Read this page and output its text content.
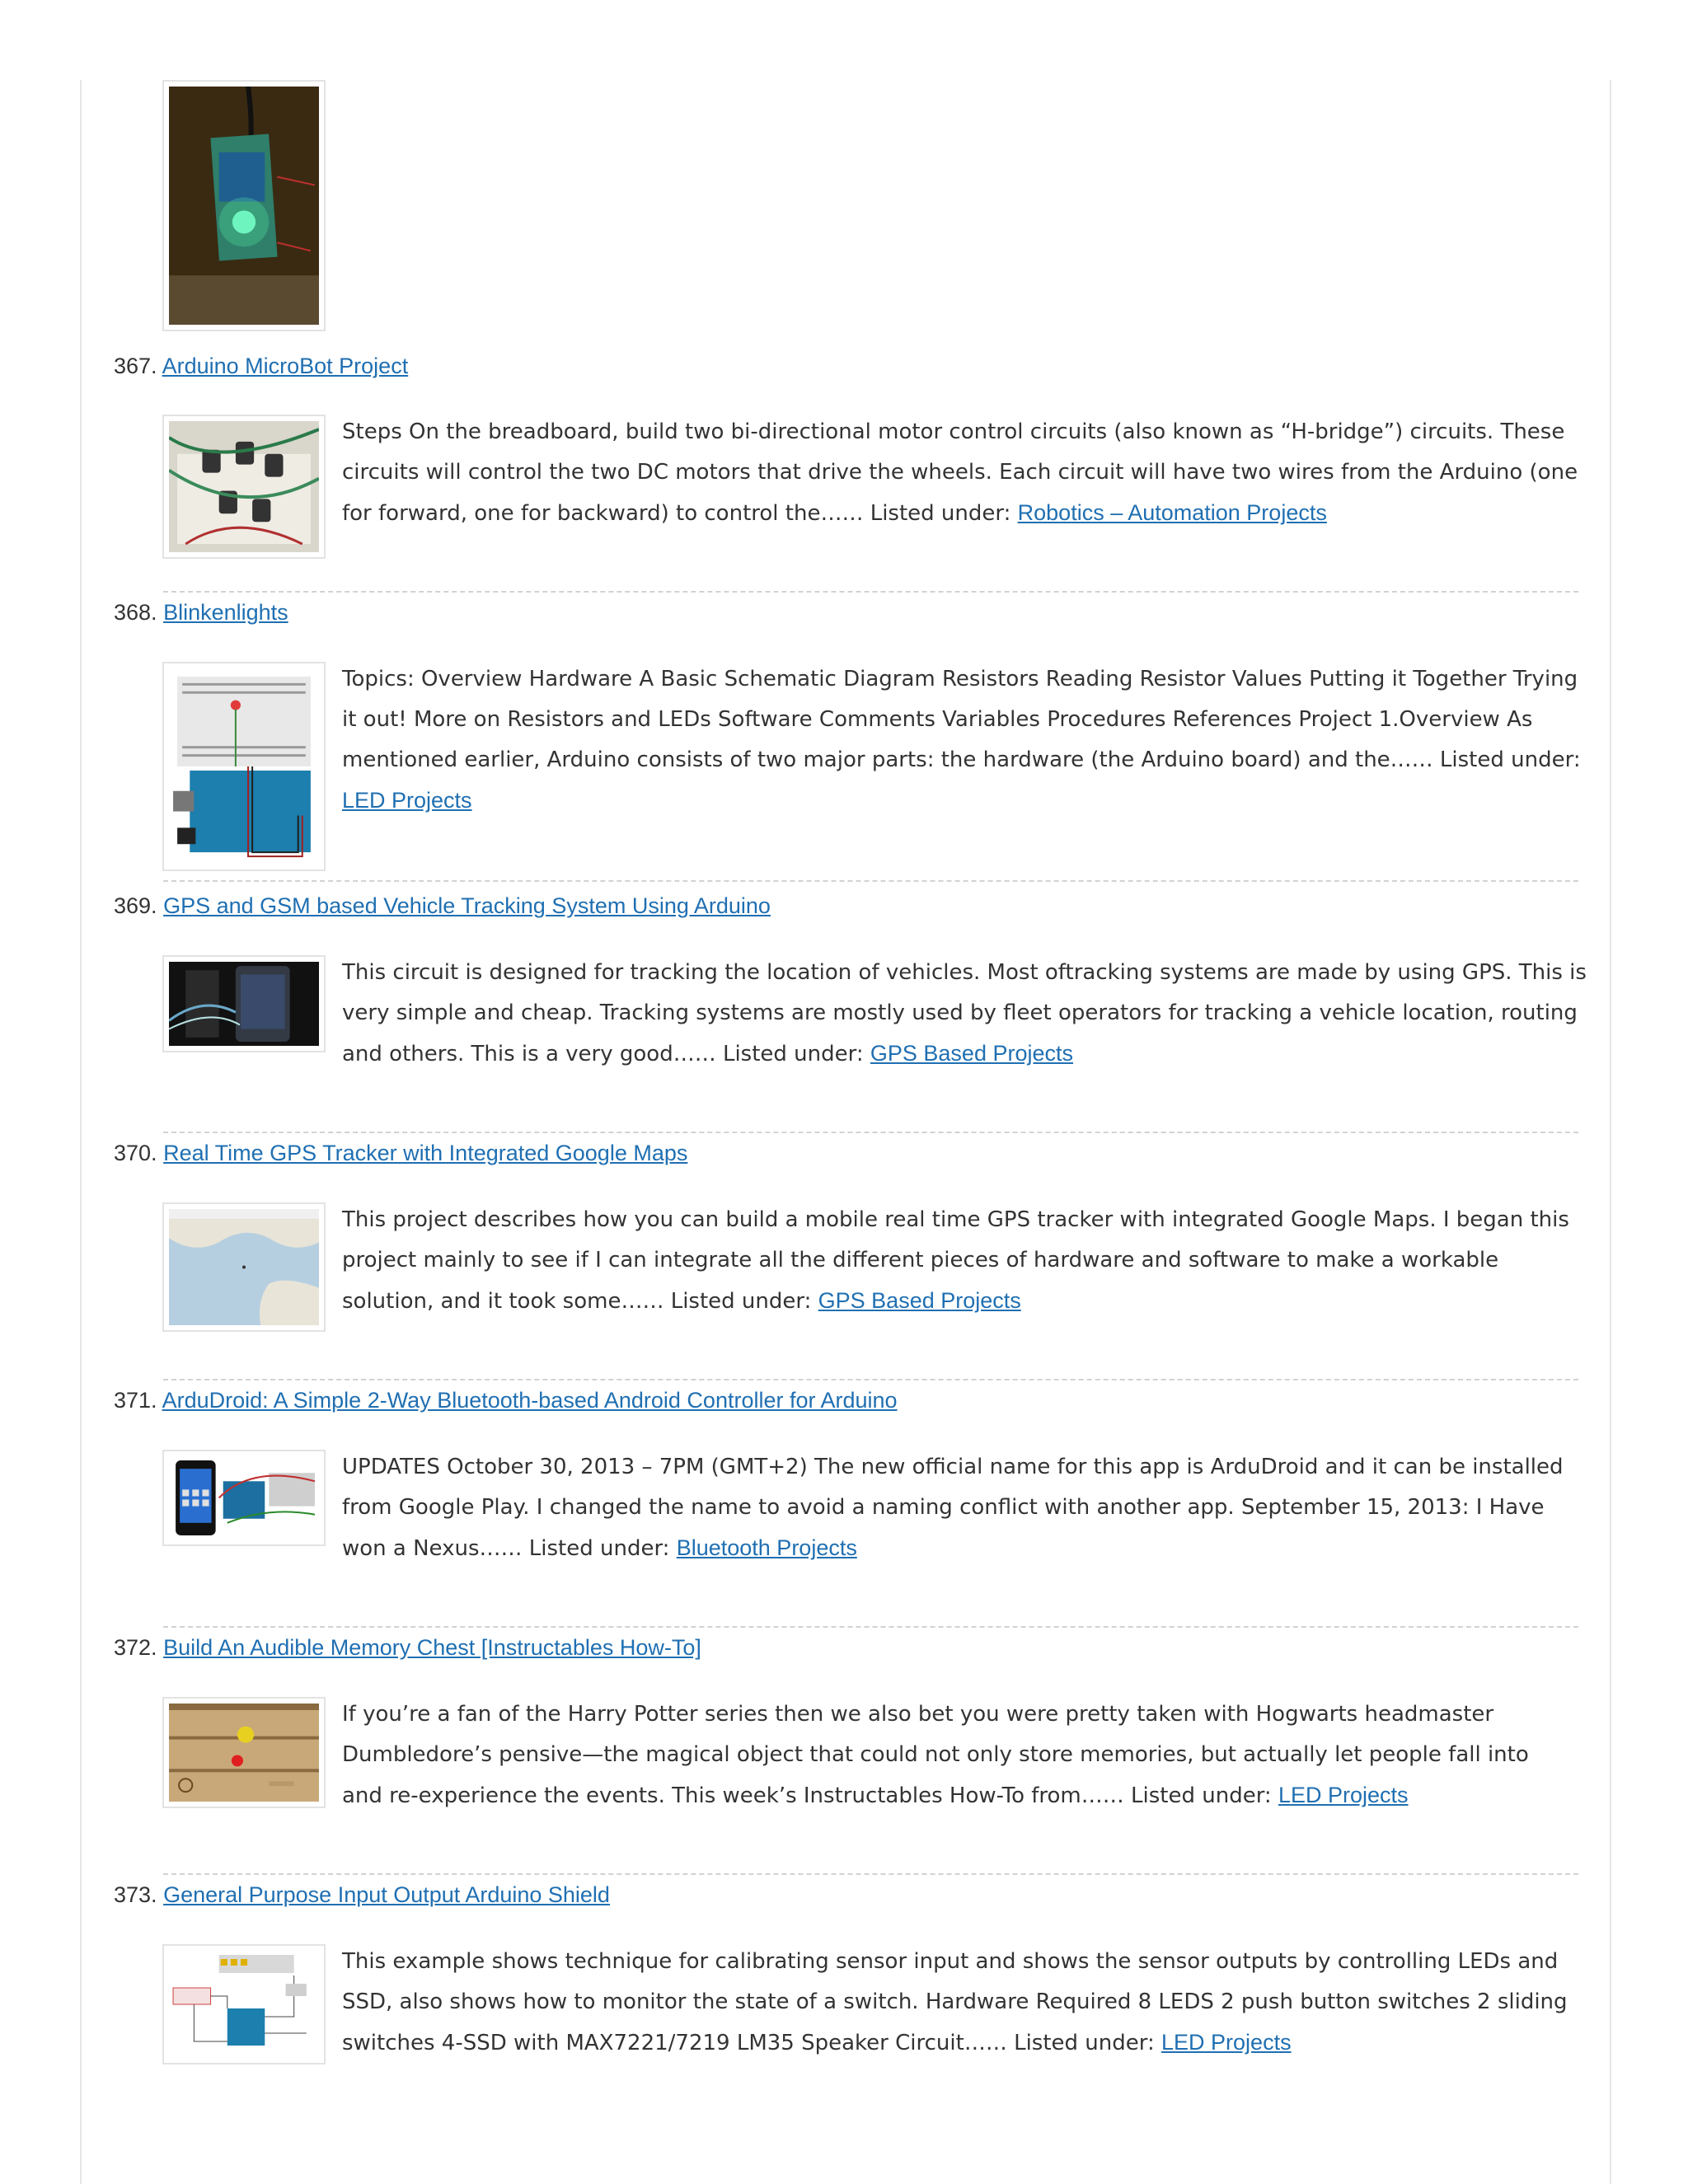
367. Arduino MicroBot Project
Steps On the breadboard, build two bi-directional motor control circuits (also known as “H-bridge”) circuits. These circuits will control the two DC motors that drive the wheels. Each circuit will have two wires from the Arduino (one for forward, one for backward) to control the…… Listed under: Robotics – Automation Projects
368. Blinkenlights
Topics: Overview Hardware A Basic Schematic Diagram Resistors Reading Resistor Values Putting it Together Trying it out! More on Resistors and LEDs Software Comments Variables Procedures References Project 1.Overview As mentioned earlier, Arduino consists of two major parts: the hardware (the Arduino board) and the…… Listed under: LED Projects
369. GPS and GSM based Vehicle Tracking System Using Arduino
This circuit is designed for tracking the location of vehicles. Most oftracking systems are made by using GPS. This is very simple and cheap. Tracking systems are mostly used by fleet operators for tracking a vehicle location, routing and others. This is a very good…… Listed under: GPS Based Projects
370. Real Time GPS Tracker with Integrated Google Maps
This project describes how you can build a mobile real time GPS tracker with integrated Google Maps. I began this project mainly to see if I can integrate all the different pieces of hardware and software to make a workable solution, and it took some…… Listed under: GPS Based Projects
371. ArduDroid: A Simple 2-Way Bluetooth-based Android Controller for Arduino
UPDATES October 30, 2013 – 7PM (GMT+2) The new official name for this app is ArduDroid and it can be installed from Google Play. I changed the name to avoid a naming conflict with another app. September 15, 2013: I Have won a Nexus…… Listed under: Bluetooth Projects
372. Build An Audible Memory Chest [Instructables How-To]
If you’re a fan of the Harry Potter series then we also bet you were pretty taken with Hogwarts headmaster Dumbledore’s pensive—the magical object that could not only store memories, but actually let people fall into and re-experience the events. This week’s Instructables How-To from…… Listed under: LED Projects
373. General Purpose Input Output Arduino Shield
This example shows technique for calibrating sensor input and shows the sensor outputs by controlling LEDs and SSD, also shows how to monitor the state of a switch. Hardware Required 8 LEDS 2 push button switches 2 sliding switches 4-SSD with MAX7221/7219 LM35 Speaker Circuit…… Listed under: LED Projects
